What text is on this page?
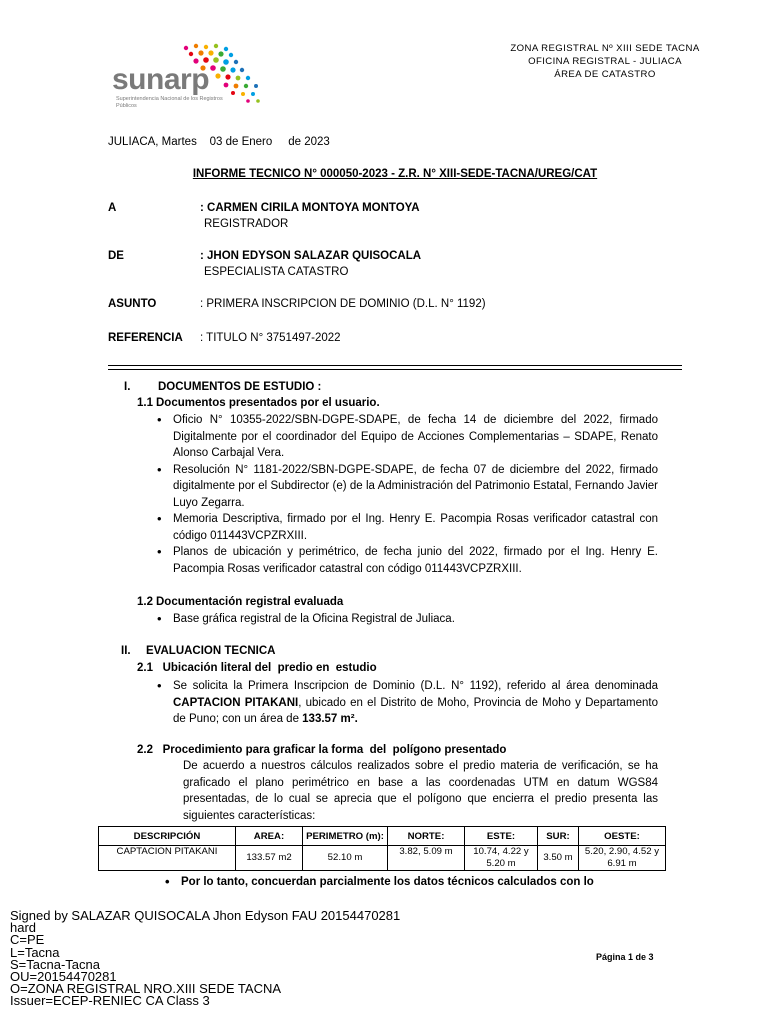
sunarp
Superintendencia Nacional de los Registros Públicos
ZONA REGISTRAL Nº XIII SEDE TACNA
OFICINA REGISTRAL - JULIACA
ÁREA DE CATASTRO
JULIACA, Martes    03 de Enero     de 2023
INFORME TECNICO N° 000050-2023 - Z.R. N° XIII-SEDE-TACNA/UREG/CAT
A	: CARMEN CIRILA MONTOYA MONTOYA
REGISTRADOR
DE	: JHON EDYSON SALAZAR QUISOCALA
ESPECIALISTA CATASTRO
ASUNTO	: PRIMERA INSCRIPCION DE DOMINIO (D.L. N° 1192)
REFERENCIA : TITULO N° 3751497-2022
I. DOCUMENTOS DE ESTUDIO :
1.1 Documentos presentados por el usuario.
• Oficio N° 10355-2022/SBN-DGPE-SDAPE, de fecha 14 de diciembre del 2022, firmado Digitalmente por el coordinador del Equipo de Acciones Complementarias – SDAPE, Renato Alonso Carbajal Vera.
• Resolución N° 1181-2022/SBN-DGPE-SDAPE, de fecha 07 de diciembre del 2022, firmado digitalmente por el Subdirector (e) de la Administración del Patrimonio Estatal, Fernando Javier Luyo Zegarra.
• Memoria Descriptiva, firmado por el Ing. Henry E. Pacompia Rosas verificador catastral con código 011443VCPZRXIII.
• Planos de ubicación y perimétrico, de fecha junio del 2022, firmado por el Ing. Henry E. Pacompia Rosas verificador catastral con código 011443VCPZRXIII.
1.2 Documentación registral evaluada
• Base gráfica registral de la Oficina Registral de Juliaca.
II. EVALUACION TECNICA
2.1   Ubicación literal del  predio en  estudio
• Se solicita la Primera Inscripcion de Dominio (D.L. N° 1192), referido al área denominada CAPTACION PITAKANI, ubicado en el Distrito de Moho, Provincia de Moho y Departamento de Puno; con un área de 133.57 m².
2.2   Procedimiento para graficar la forma  del  polígono presentado
De acuerdo a nuestros cálculos realizados sobre el predio materia de verificación, se ha graficado el plano perimétrico en base a las coordenadas UTM en datum WGS84 presentadas, de lo cual se aprecia que el polígono que encierra el predio presenta las siguientes características:
DESCRIPCIÓN	AREA:	PERIMETRO (m):	NORTE:	ESTE:	SUR:	OESTE:
CAPTACION PITAKANI	133.57 m2	52.10 m	3.82, 5.09 m	10.74, 4.22 y 5.20 m	3.50 m	5.20, 2.90, 4.52 y 6.91 m
• Por lo tanto, concuerdan parcialmente los datos técnicos calculados con lo
Signed by SALAZAR QUISOCALA Jhon Edyson FAU 20154470281
hard
C=PE
L=Tacna
S=Tacna-Tacna
OU=20154470281
O=ZONA REGISTRAL NRO.XIII SEDE TACNA
Issuer=ECEP-RENIEC CA Class 3
Página 1 de 3
